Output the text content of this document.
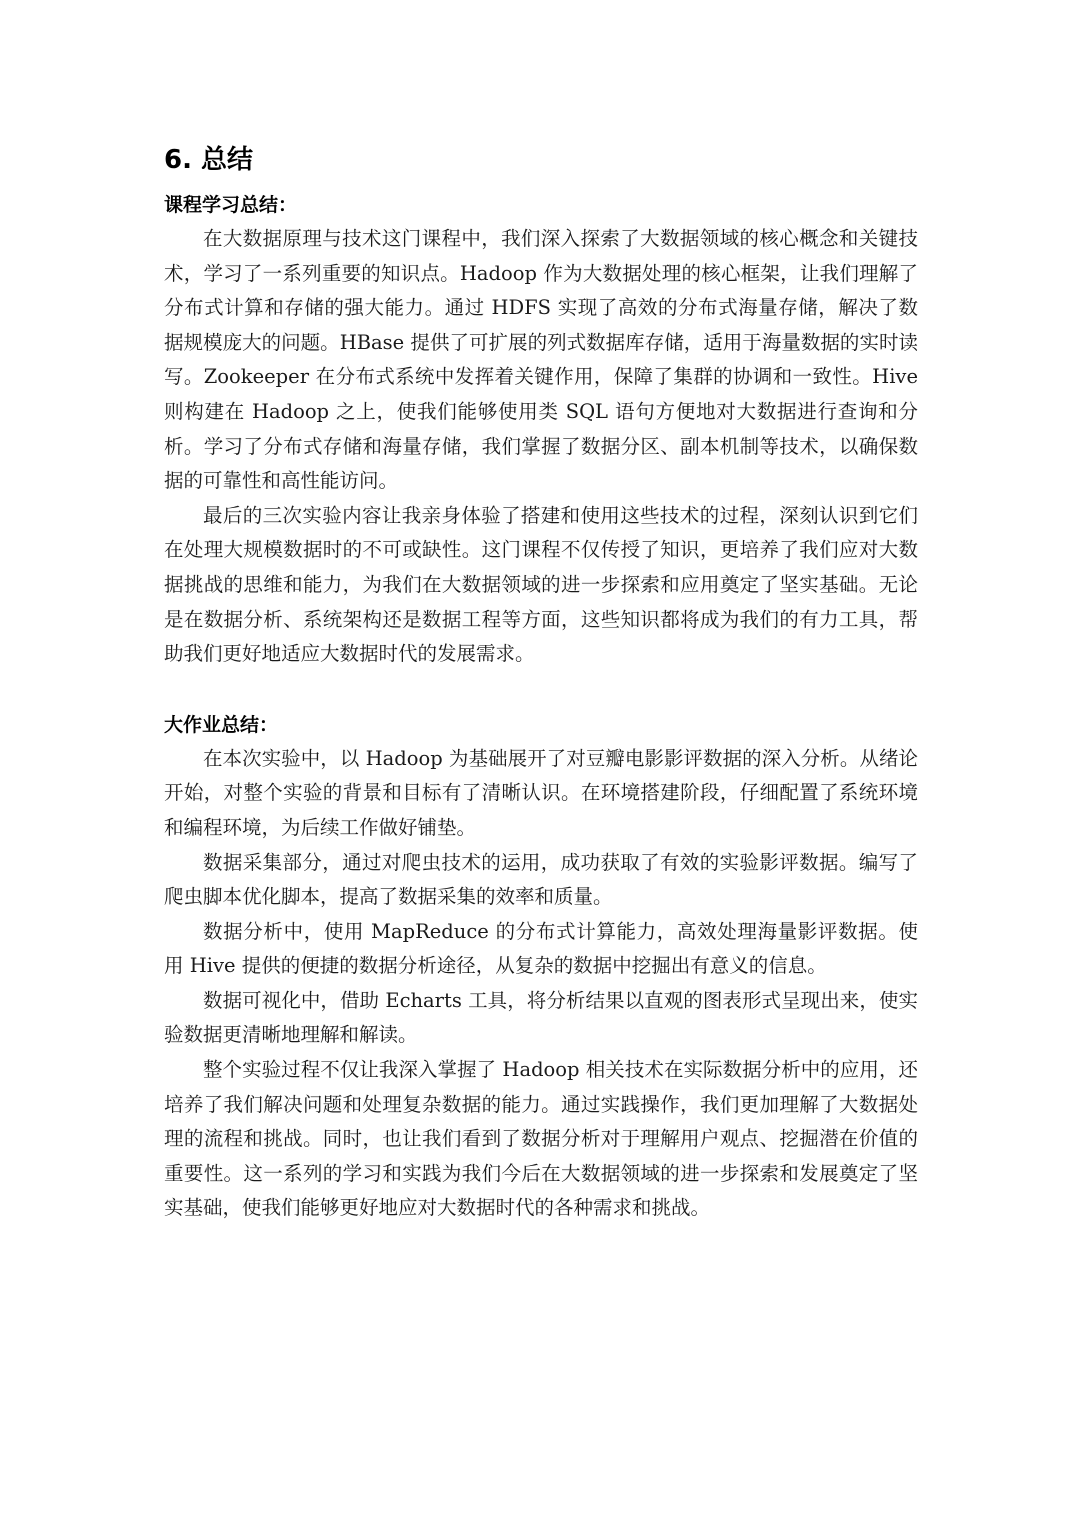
6. 总结
课程学习总结：

在大数据原理与技术这门课程中，我们深入探索了大数据领域的核心概念和关键技术，学习了一系列重要的知识点。Hadoop 作为大数据处理的核心框架，让我们理解了分布式计算和存储的强大能力。通过 HDFS 实现了高效的分布式海量存储，解决了数据规模庞大的问题。HBase 提供了可扩展的列式数据库存储，适用于海量数据的实时读写。Zookeeper 在分布式系统中发挥着关键作用，保障了集群的协调和一致性。Hive 则构建在 Hadoop 之上，使我们能够使用类 SQL 语句方便地对大数据进行查询和分析。学习了分布式存储和海量存储，我们掌握了数据分区、副本机制等技术，以确保数据的可靠性和高性能访问。

最后的三次实验内容让我亲身体验了搭建和使用这些技术的过程，深刻认识到它们在处理大规模数据时的不可或缺性。这门课程不仅传授了知识，更培养了我们应对大数据挑战的思维和能力，为我们在大数据领域的进一步探索和应用奠定了坚实基础。无论是在数据分析、系统架构还是数据工程等方面，这些知识都将成为我们的有力工具，帮助我们更好地适应大数据时代的发展需求。

大作业总结：

在本次实验中，以 Hadoop 为基础展开了对豆瓣电影影评数据的深入分析。从绪论开始，对整个实验的背景和目标有了清晰认识。在环境搭建阶段，仔细配置了系统环境和编程环境，为后续工作做好铺垫。

数据采集部分，通过对爬虫技术的运用，成功获取了有效的实验影评数据。编写了爬虫脚本优化脚本，提高了数据采集的效率和质量。

数据分析中，使用 MapReduce 的分布式计算能力，高效处理海量影评数据。使用 Hive 提供的便捷的数据分析途径，从复杂的数据中挖掘出有意义的信息。

数据可视化中，借助 Echarts 工具，将分析结果以直观的图表形式呈现出来，使实验数据更清晰地理解和解读。

整个实验过程不仅让我深入掌握了 Hadoop 相关技术在实际数据分析中的应用，还培养了我们解决问题和处理复杂数据的能力。通过实践操作，我们更加理解了大数据处理的流程和挑战。同时，也让我们看到了数据分析对于理解用户观点、挖掘潜在价值的重要性。这一系列的学习和实践为我们今后在大数据领域的进一步探索和发展奠定了坚实基础，使我们能够更好地应对大数据时代的各种需求和挑战。
